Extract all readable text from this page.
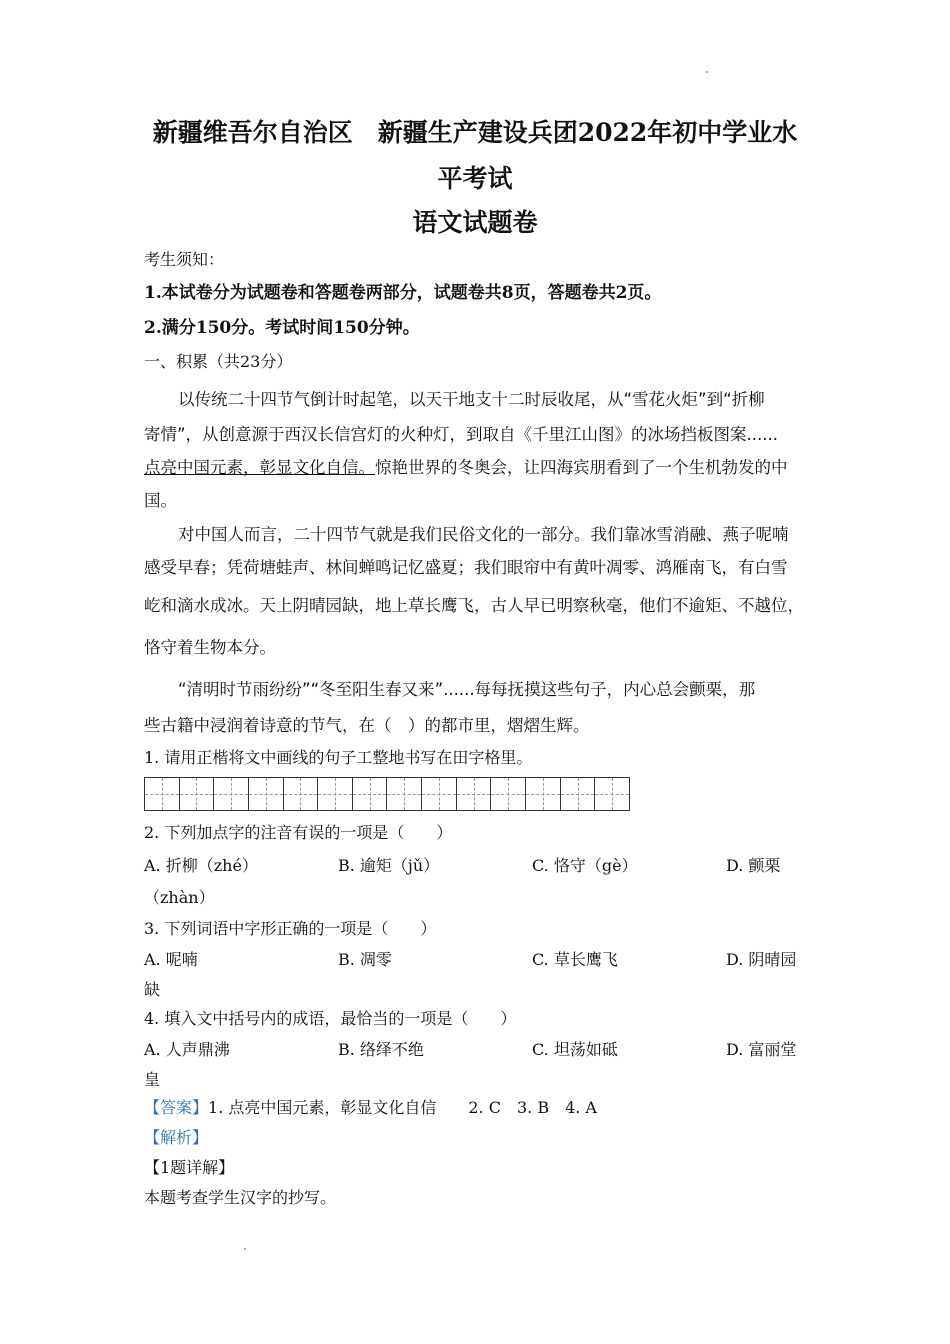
新疆维吾尔自治区　新疆生产建设兵团2022年初中学业水
平考试
语文试题卷
考生须知：
1.本试卷分为试题卷和答题卷两部分，试题卷共8页，答题卷共2页。
2.满分150分。考试时间150分钟。
一、积累（共23分）
以传统二十四节气倒计时起笔，以天干地支十二时辰收尾，从“雪花火炬”到“折柳
寄情”，从创意源于西汉长信宫灯的火种灯，到取自《千里江山图》的冰场挡板图案......
点亮中国元素，彰显文化自信。惊艳世界的冬奥会，让四海宾朋看到了一个生机勃发的中
国。
对中国人而言，二十四节气就是我们民俗文化的一部分。我们靠冰雪消融、燕子呢喃
感受早春；凭荷塘蛙声、林间蝉鸣记忆盛夏；我们眼帘中有黄叶凋零、鸿雁南飞，有白雪
屹和滴水成冰。天上阴晴园缺，地上草长鹰飞，古人早已明察秋毫，他们不逾矩、不越位，
恪守着生物本分。
“清明时节雨纷纷”“冬至阳生春又来”......每每抚摸这些句子，内心总会颤栗，那
些古籍中浸润着诗意的节气，在（　）的都市里，熠熠生辉。
1. 请用正楷将文中画线的句子工整地书写在田字格里。
2. 下列加点字的注音有误的一项是（　　）
A. 折柳（zhé）	B. 逾矩（jǔ）	C. 恪守（gè）	D. 颤栗
（zhàn）
3. 下列词语中字形正确的一项是（　　）
A. 呢喃	B. 凋零	C. 草长鹰飞	D. 阴晴园
缺
4. 填入文中括号内的成语，最恰当的一项是（　　）
A. 人声鼎沸	B. 络绎不绝	C. 坦荡如砥	D. 富丽堂
皇
【答案】1. 点亮中国元素，彰显文化自信　　2. C　3. B　4. A
【解析】
【1题详解】
本题考查学生汉字的抄写。
